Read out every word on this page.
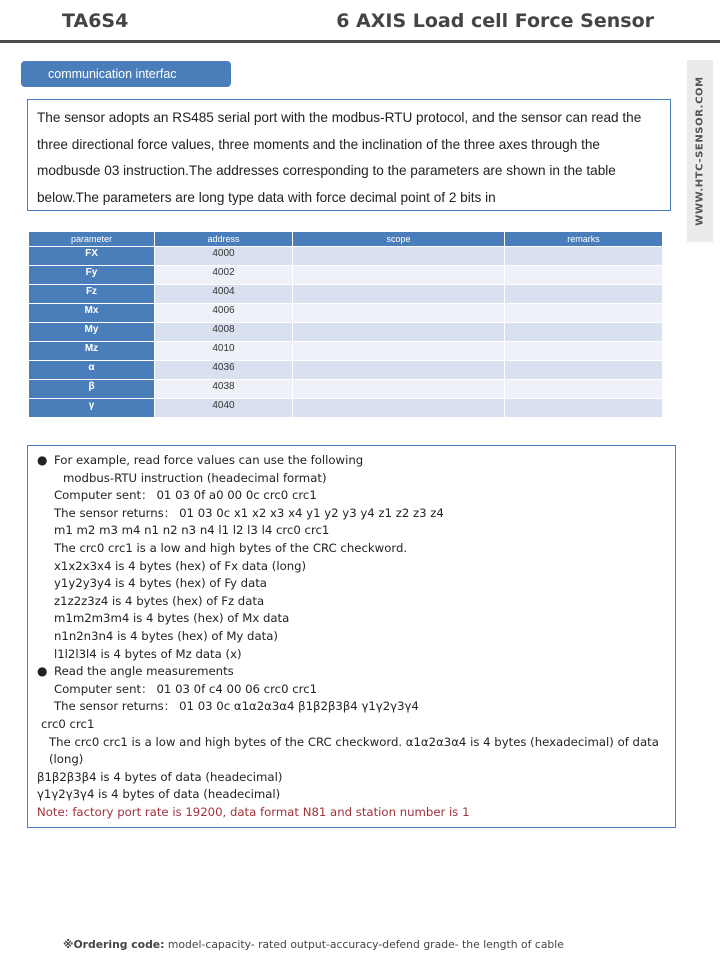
TA6S4	6 AXIS Load cell Force Sensor
communication interfac
WWW.HTC-SENSOR.COM
The sensor adopts an RS485 serial port with the modbus-RTU protocol, and the sensor can read the three directional force values, three moments and the inclination of the three axes through the modbusde 03 instruction.The addresses corresponding to the parameters are shown in the table below.The parameters are long type data with force decimal point of 2 bits in
parameter	address	scope	remarks
FX	4000		
Fy	4002		
Fz	4004		
Mx	4006		
My	4008		
Mz	4010		
α	4036		
β	4038		
γ	4040		
● For example, read force values can use the following
modbus-RTU instruction (headecimal format)
Computer sent： 01 03 0f a0 00 0c crc0 crc1
The sensor returns： 01 03 0c x1 x2 x3 x4 y1 y2 y3 y4 z1 z2 z3 z4
m1 m2 m3 m4 n1 n2 n3 n4 l1 l2 l3 l4 crc0 crc1
The crc0 crc1 is a low and high bytes of the CRC checkword.
x1x2x3x4 is 4 bytes (hex) of Fx data (long)
y1y2y3y4 is 4 bytes (hex) of Fy data
z1z2z3z4 is 4 bytes (hex) of Fz data
m1m2m3m4 is 4 bytes (hex) of Mx data
n1n2n3n4 is 4 bytes (hex) of My data)
l1l2l3l4 is 4 bytes of Mz data (x)
● Read the angle measurements
Computer sent： 01 03 0f c4 00 06 crc0 crc1
The sensor returns： 01 03 0c α1α2α3α4 β1β2β3β4 γ1γ2γ3γ4
crc0 crc1
The crc0 crc1 is a low and high bytes of the CRC checkword. α1α2α3α4 is 4 bytes (hexadecimal) of data (long)
β1β2β3β4 is 4 bytes of data (headecimal)
γ1γ2γ3γ4 is 4 bytes of data (headecimal)
Note: factory port rate is 19200, data format N81 and station number is 1
※Ordering code: model-capacity- rated output-accuracy-defend grade- the length of cable
